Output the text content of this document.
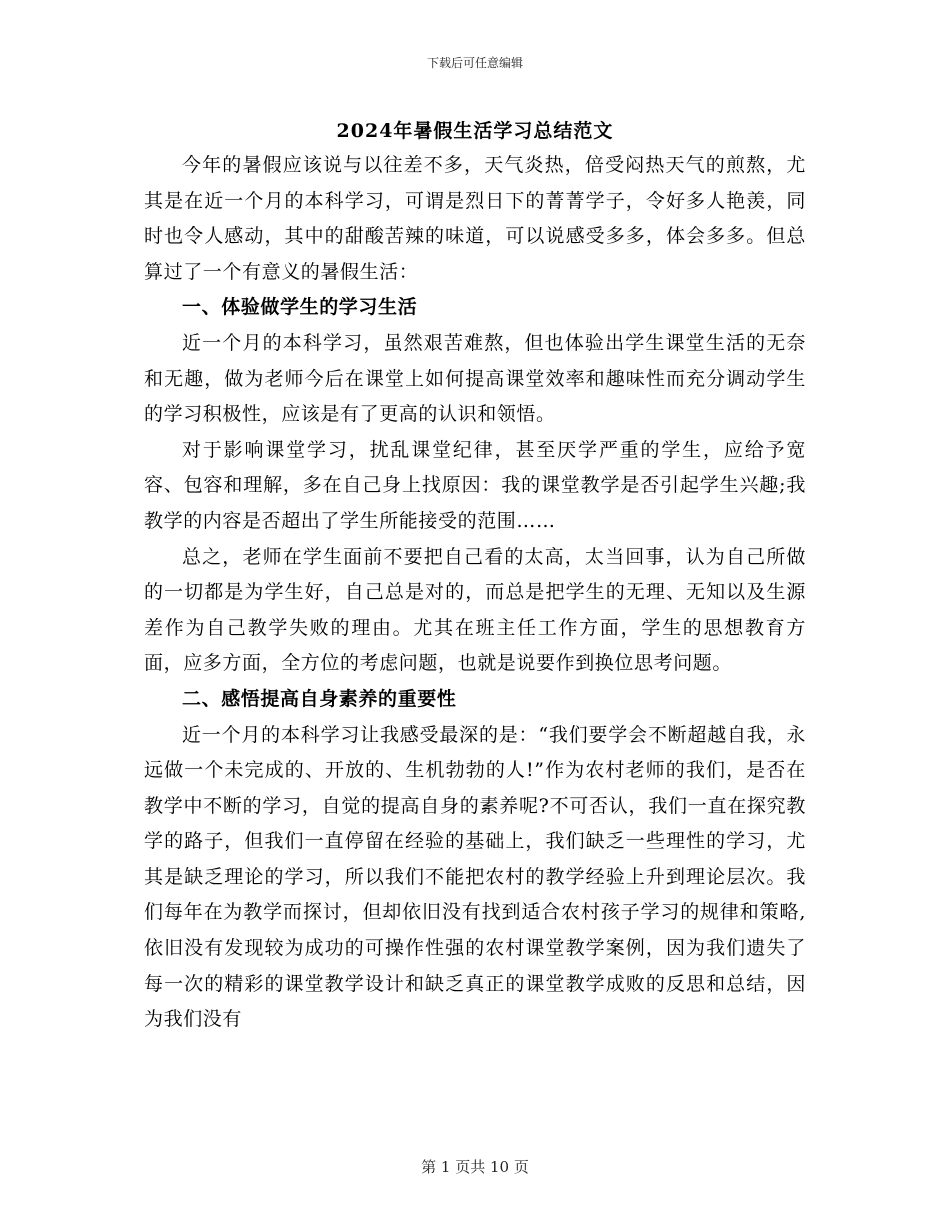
下载后可任意编辑
2024年暑假生活学习总结范文

今年的暑假应该说与以往差不多，天气炎热，倍受闷热天气的煎熬，尤其是在近一个月的本科学习，可谓是烈日下的菁菁学子，令好多人艳羡，同时也令人感动，其中的甜酸苦辣的味道，可以说感受多多，体会多多。但总算过了一个有意义的暑假生活：

一、体验做学生的学习生活

近一个月的本科学习，虽然艰苦难熬，但也体验出学生课堂生活的无奈和无趣，做为老师今后在课堂上如何提高课堂效率和趣味性而充分调动学生的学习积极性，应该是有了更高的认识和领悟。

对于影响课堂学习，扰乱课堂纪律，甚至厌学严重的学生，应给予宽容、包容和理解，多在自己身上找原因：我的课堂教学是否引起学生兴趣;我教学的内容是否超出了学生所能接受的范围……

总之，老师在学生面前不要把自己看的太高，太当回事，认为自己所做的一切都是为学生好，自己总是对的，而总是把学生的无理、无知以及生源差作为自己教学失败的理由。尤其在班主任工作方面，学生的思想教育方面，应多方面，全方位的考虑问题，也就是说要作到换位思考问题。

二、感悟提高自身素养的重要性

近一个月的本科学习让我感受最深的是：“我们要学会不断超越自我，永远做一个未完成的、开放的、生机勃勃的人!”作为农村老师的我们，是否在教学中不断的学习，自觉的提高自身的素养呢?不可否认，我们一直在探究教学的路子，但我们一直停留在经验的基础上，我们缺乏一些理性的学习，尤其是缺乏理论的学习，所以我们不能把农村的教学经验上升到理论层次。我们每年在为教学而探讨，但却依旧没有找到适合农村孩子学习的规律和策略,依旧没有发现较为成功的可操作性强的农村课堂教学案例，因为我们遗失了每一次的精彩的课堂教学设计和缺乏真正的课堂教学成败的反思和总结，因为我们没有

第 1 页共 10 页
